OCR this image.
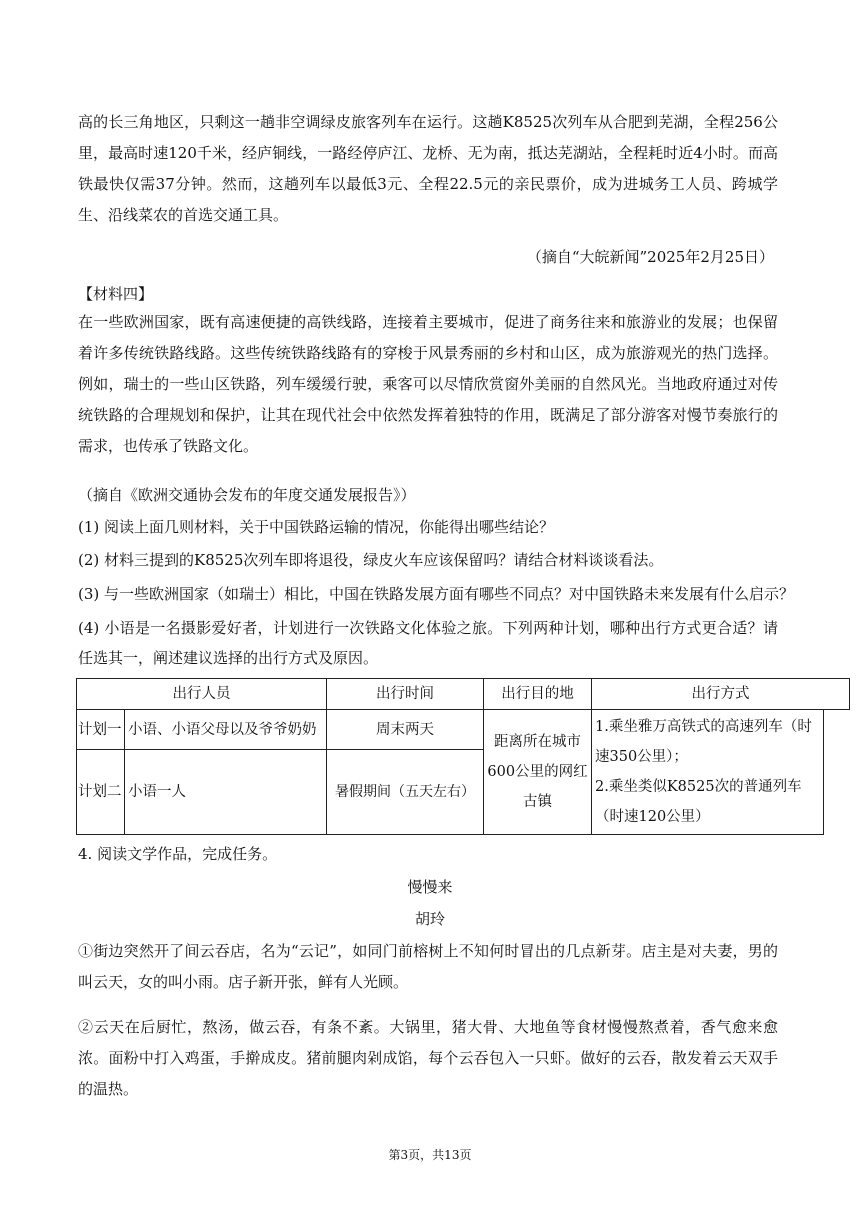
高的长三角地区，只剩这一趟非空调绿皮旅客列车在运行。这趟K8525次列车从合肥到芜湖，全程256公里，最高时速120千米，经庐铜线，一路经停庐江、龙桥、无为南，抵达芜湖站，全程耗时近4小时。而高铁最快仅需37分钟。然而，这趟列车以最低3元、全程22.5元的亲民票价，成为进城务工人员、跨城学生、沿线菜农的首选交通工具。

（摘自“大皖新闻”2025年2月25日）
【材料四】

在一些欧洲国家，既有高速便捷的高铁线路，连接着主要城市，促进了商务往来和旅游业的发展；也保留着许多传统铁路线路。这些传统铁路线路有的穿梭于风景秀丽的乡村和山区，成为旅游观光的热门选择。例如，瑞士的一些山区铁路，列车缓缓行驶，乘客可以尽情欣赏窗外美丽的自然风光。当地政府通过对传统铁路的合理规划和保护，让其在现代社会中依然发挥着独特的作用，既满足了部分游客对慢节奏旅行的需求，也传承了铁路文化。

（摘自《欧洲交通协会发布的年度交通发展报告》）
(1) 阅读上面几则材料，关于中国铁路运输的情况，你能得出哪些结论？
(2) 材料三提到的K8525次列车即将退役，绿皮火车应该保留吗？请结合材料谈谈看法。
(3) 与一些欧洲国家（如瑞士）相比，中国在铁路发展方面有哪些不同点？对中国铁路未来发展有什么启示？

(4) 小语是一名摄影爱好者，计划进行一次铁路文化体验之旅。下列两种计划，哪种出行方式更合适？请任选其一，阐述建议选择的出行方式及原因。

出行人员		出行时间	出行目的地	出行方式	
计划一	小语、小语父母以及爷爷奶奶	周末两天	距离所在城市600公里的网红古镇	1.乘坐雅万高铁式的高速列车（时速350公里）；
2.乘坐类似K8525次的普通列车（时速120公里）	

计划二	小语一人	暑假期间（五天左右）			
4. 阅读文学作品，完成任务。
慢慢来
胡玲

①街边突然开了间云吞店，名为“云记”，如同门前榕树上不知何时冒出的几点新芽。店主是对夫妻，男的叫云天，女的叫小雨。店子新开张，鲜有人光顾。

②云天在后厨忙，熬汤，做云吞，有条不紊。大锅里，猪大骨、大地鱼等食材慢慢熬煮着，香气愈来愈浓。面粉中打入鸡蛋，手擀成皮。猪前腿肉剁成馅，每个云吞包入一只虾。做好的云吞，散发着云天双手的温热。

第3页，共13页
